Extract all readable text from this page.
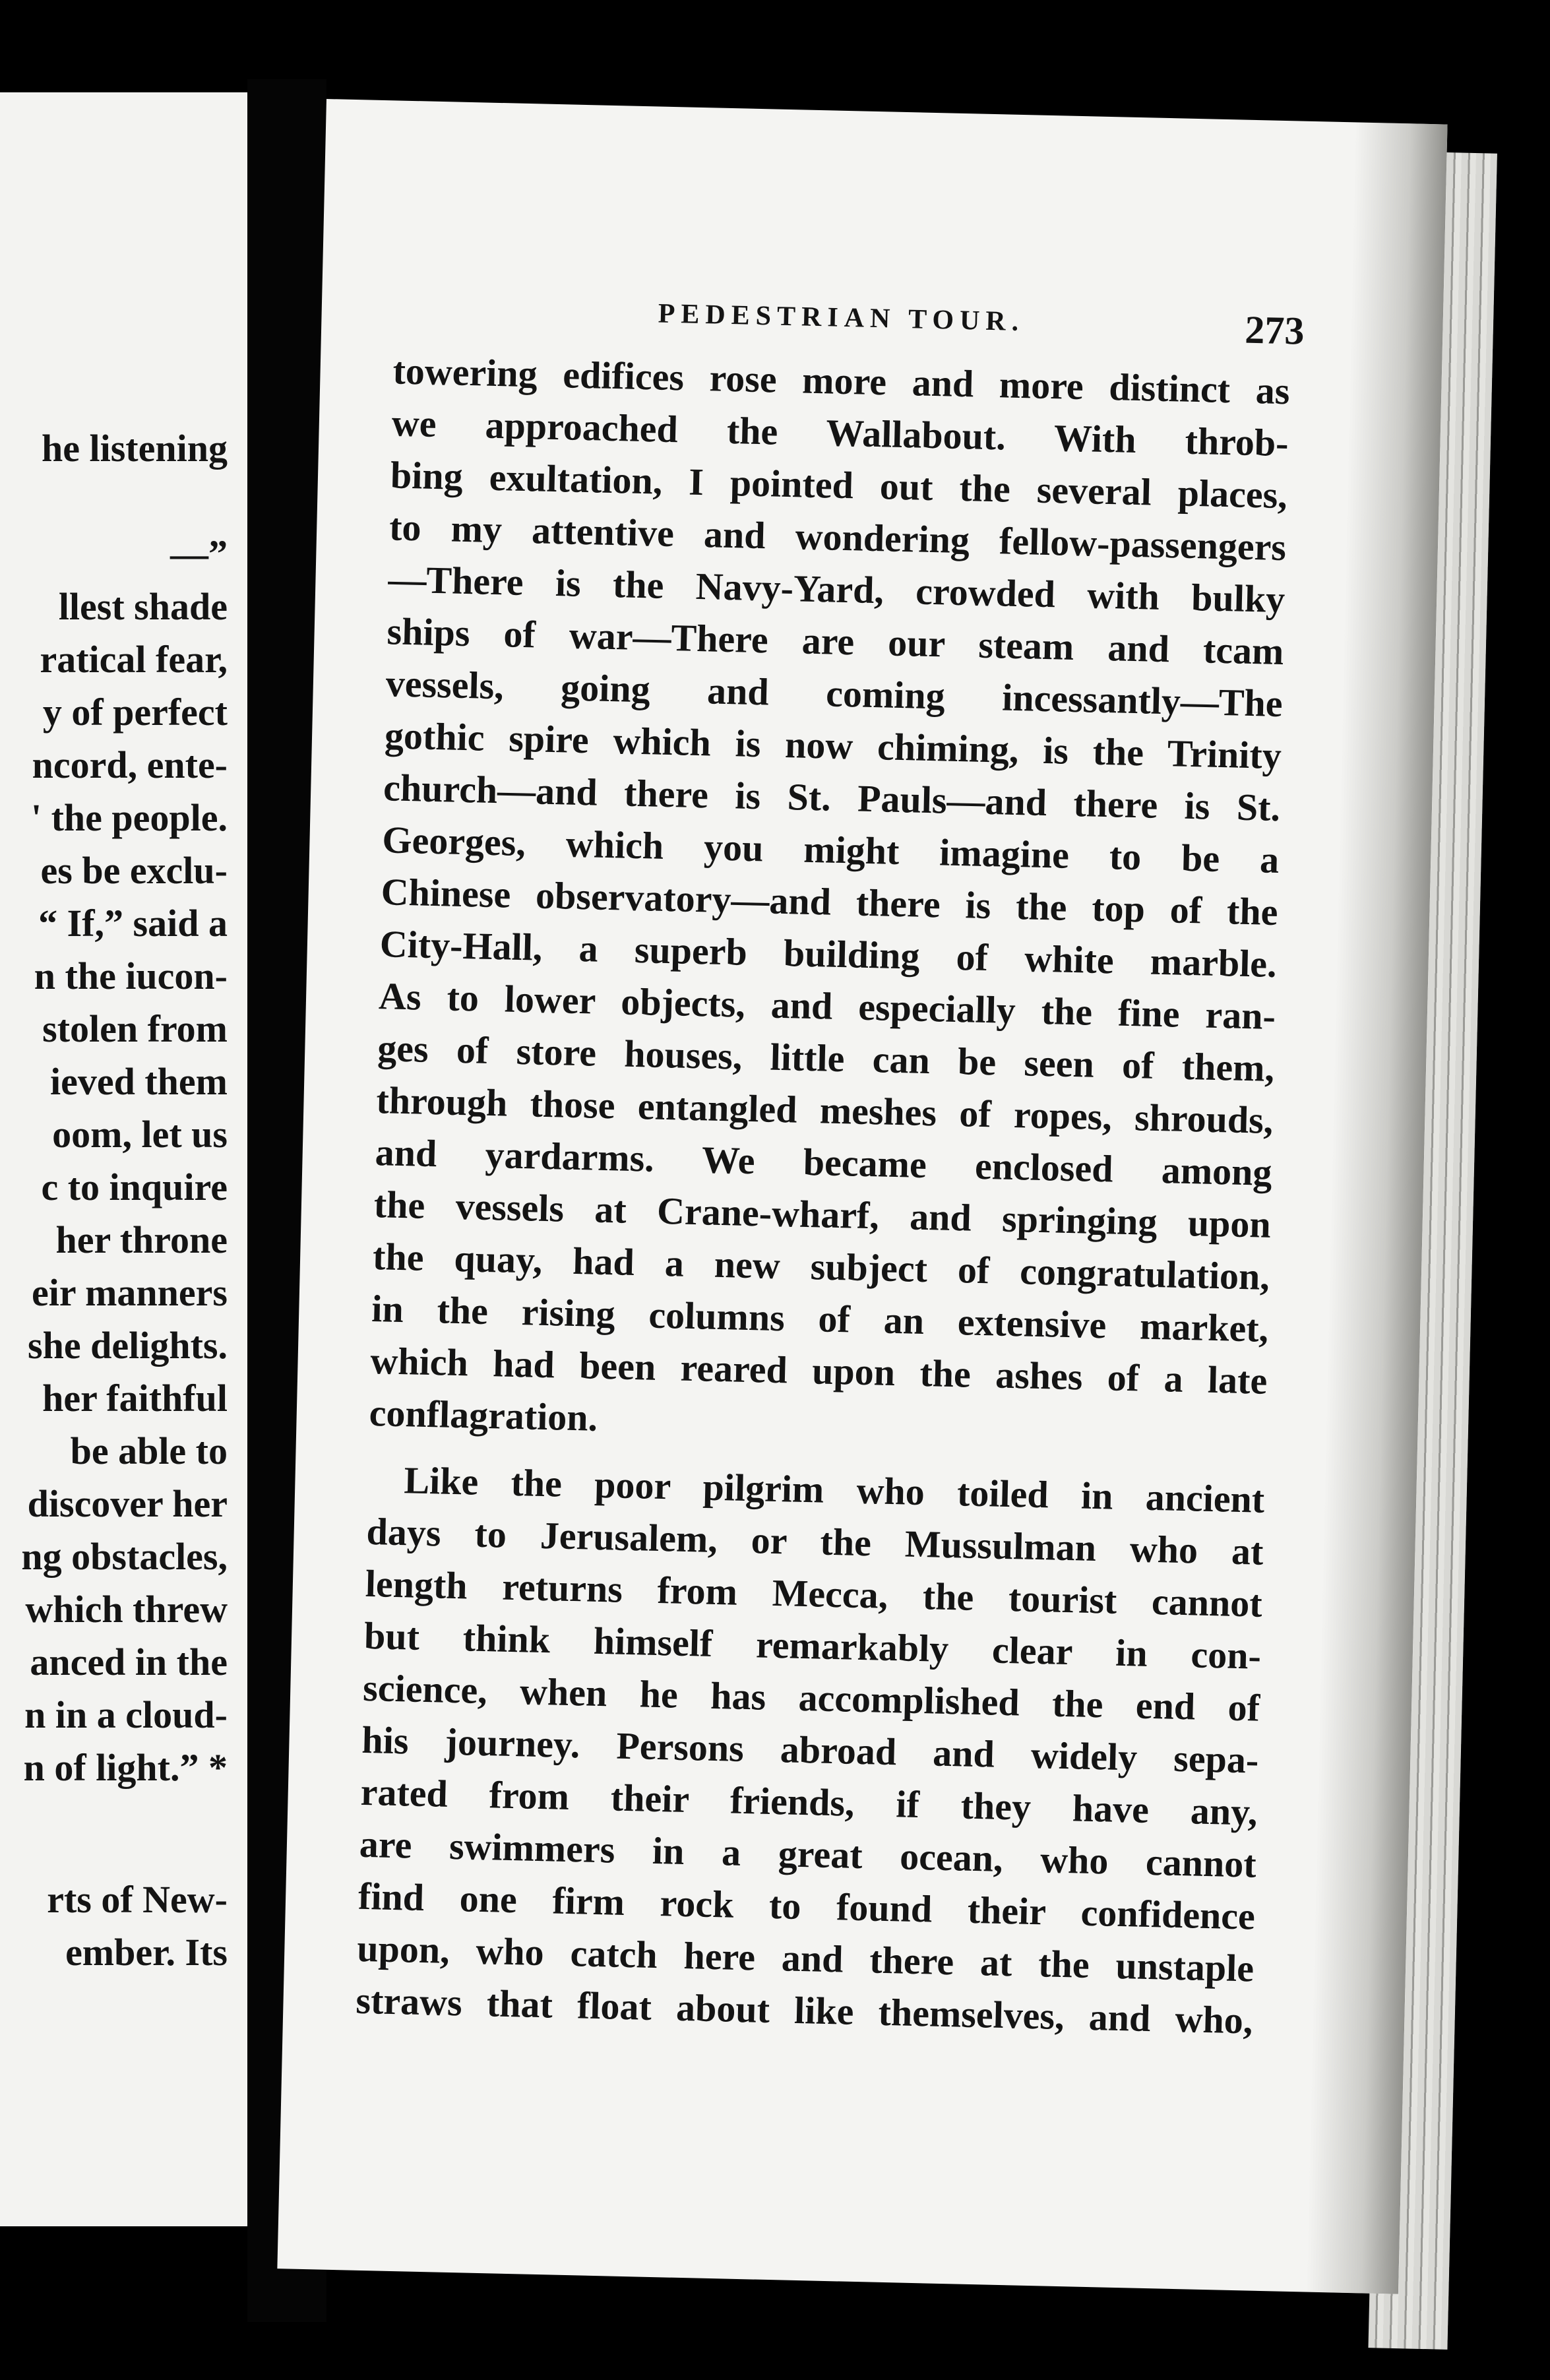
he listening
—”
llest shade
ratical fear,
y of perfect
ncord, ente-
' the people.
es be exclu-
“ If,” said a
n the iucon-
stolen from
ieved them
oom, let us
c to inquire
her throne
eir manners
she delights.
her faithful
be able to
discover her
ng obstacles,
which threw
anced in the
n in a cloud-
n of light.” *
rts of New-
ember. Its
PEDESTRIAN TOUR.	273
towering edifices rose more and more distinct as
we approached the Wallabout. With throb-
bing exultation, I pointed out the several places,
to my attentive and wondering fellow-passengers
—There is the Navy-Yard, crowded with bulky
ships of war—There are our steam and tcam
vessels, going and coming incessantly—The
gothic spire which is now chiming, is the Trinity
church—and there is St. Pauls—and there is St.
Georges, which you might imagine to be a
Chinese observatory—and there is the top of the
City-Hall, a superb building of white marble.
As to lower objects, and especially the fine ran-
ges of store houses, little can be seen of them,
through those entangled meshes of ropes, shrouds,
and yardarms. We became enclosed among
the vessels at Crane-wharf, and springing upon
the quay, had a new subject of congratulation,
in the rising columns of an extensive market,
which had been reared upon the ashes of a late
conflagration.
Like the poor pilgrim who toiled in ancient
days to Jerusalem, or the Mussulman who at
length returns from Mecca, the tourist cannot
but think himself remarkably clear in con-
science, when he has accomplished the end of
his journey. Persons abroad and widely sepa-
rated from their friends, if they have any,
are swimmers in a great ocean, who cannot
find one firm rock to found their confidence
upon, who catch here and there at the unstaple
straws that float about like themselves, and who,
